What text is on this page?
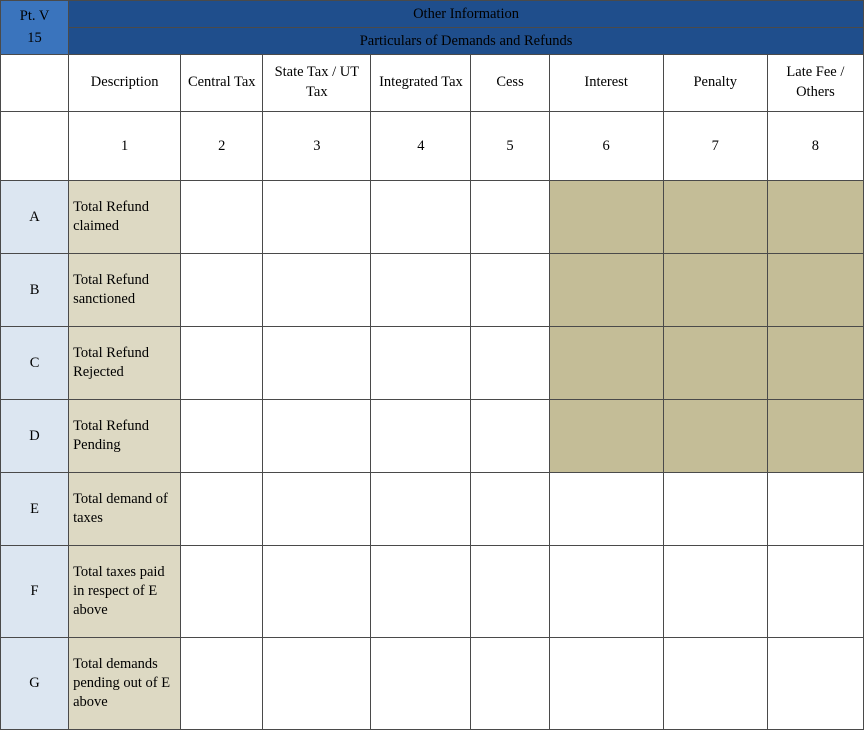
Pt. V
15	Other Information							
	Particulars of Demands and Refunds							
	Description	Central Tax	State Tax / UT Tax	Integrated Tax	Cess	Interest	Penalty	Late Fee / Others
	1	2	3	4	5	6	7	8
A	Total Refund claimed							
B	Total Refund sanctioned							
C	Total Refund Rejected							
D	Total Refund Pending							
E	Total demand of taxes							
F	Total taxes paid in respect of E above							
G	Total demands pending out of E above							
